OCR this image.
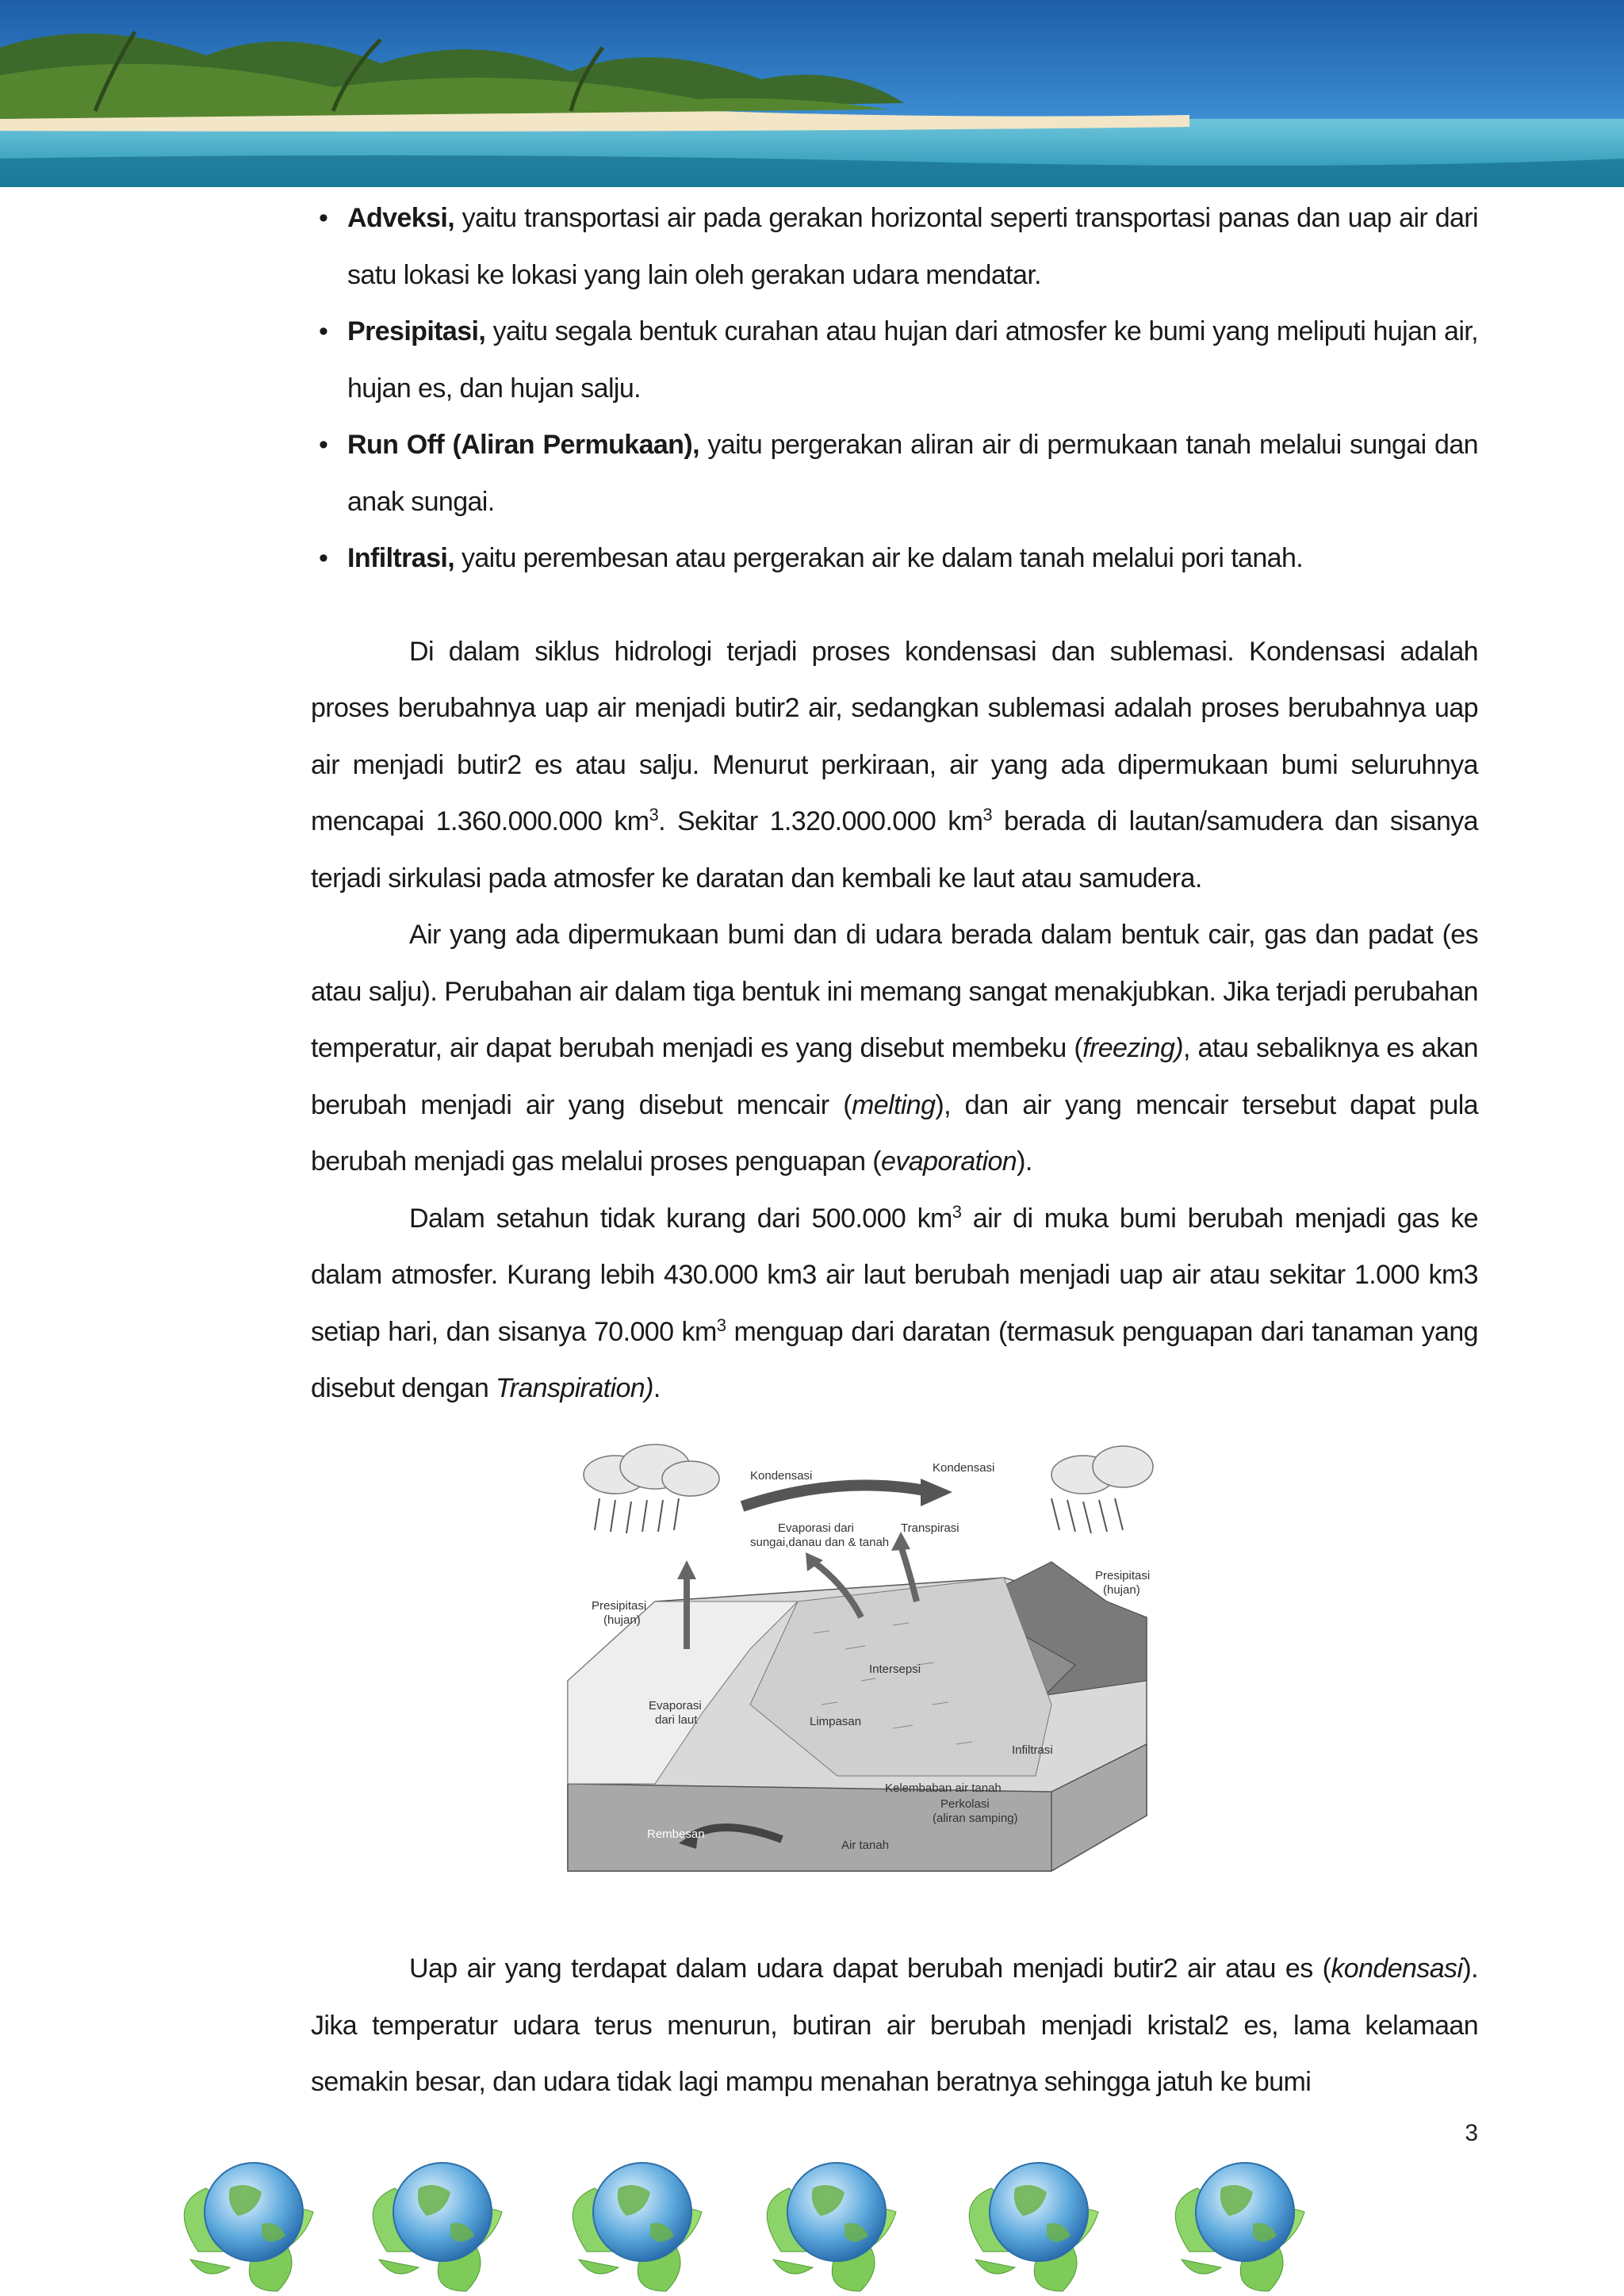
• Adveksi, yaitu transportasi air pada gerakan horizontal seperti transportasi panas dan uap air dari satu lokasi ke lokasi yang lain oleh gerakan udara mendatar.
• Presipitasi, yaitu segala bentuk curahan atau hujan dari atmosfer ke bumi yang meliputi hujan air, hujan es, dan hujan salju.
• Run Off (Aliran Permukaan), yaitu pergerakan aliran air di permukaan tanah melalui sungai dan anak sungai.
• Infiltrasi, yaitu perembesan atau pergerakan air ke dalam tanah melalui pori tanah.

Di dalam siklus hidrologi terjadi proses kondensasi dan sublemasi. Kondensasi adalah proses berubahnya uap air menjadi butir2 air, sedangkan sublemasi adalah proses berubahnya uap air menjadi butir2 es atau salju. Menurut perkiraan, air yang ada dipermukaan bumi seluruhnya mencapai 1.360.000.000 $km^3$. Sekitar 1.320.000.000 $km^3$ berada di lautan/samudera dan sisanya terjadi sirkulasi pada atmosfer ke daratan dan kembali ke laut atau samudera.

Air yang ada dipermukaan bumi dan di udara berada dalam bentuk cair, gas dan padat (es atau salju). Perubahan air dalam tiga bentuk ini memang sangat menakjubkan. Jika terjadi perubahan temperatur, air dapat berubah menjadi es yang disebut membeku (freezing), atau sebaliknya es akan berubah menjadi air yang disebut mencair (melting), dan air yang mencair tersebut dapat pula berubah menjadi gas melalui proses penguapan (evaporation).

Dalam setahun tidak kurang dari 500.000 $km^3$ air di muka bumi berubah menjadi gas ke dalam atmosfer. Kurang lebih 430.000 km3 air laut berubah menjadi uap air atau sekitar 1.000 km3 setiap hari, dan sisanya 70.000 $km^3$ menguap dari daratan (termasuk penguapan dari tanaman yang disebut dengan Transpiration).

Kondensasi
Kondensasi
Evaporasi dari
sungai,danau dan & tanah
Transpirasi
Presipitasi
(hujan)
Presipitasi
(hujan)
Intersepsi
Evaporasi
dari laut	Limpasan
Infiltrasi
Kelembaban air tanah
Perkolasi
(aliran samping)
Rembesan
Air tanah

Uap air yang terdapat dalam udara dapat berubah menjadi butir2 air atau es (kondensasi). Jika temperatur udara terus menurun, butiran air berubah menjadi kristal2 es, lama kelamaan semakin besar, dan udara tidak lagi mampu menahan beratnya sehingga jatuh ke bumi

3
